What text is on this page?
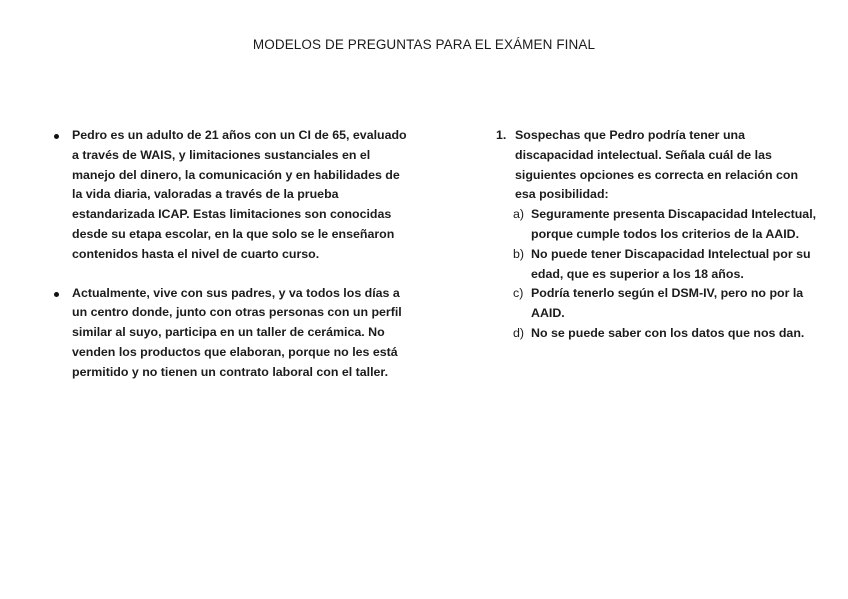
MODELOS DE PREGUNTAS PARA EL EXÁMEN FINAL
Pedro es un adulto de 21 años con un CI de 65, evaluado a través de WAIS, y limitaciones sustanciales en el manejo del dinero, la comunicación y en habilidades de la vida diaria, valoradas a través de la prueba estandarizada ICAP. Estas limitaciones son conocidas desde su etapa escolar, en la que solo se le enseñaron contenidos hasta el nivel de cuarto curso.
Actualmente, vive con sus padres, y va todos los días a un centro donde, junto con otras personas con un perfil similar al suyo, participa en un taller de cerámica. No venden los productos que elaboran, porque no les está permitido y no tienen un contrato laboral con el taller.
1. Sospechas que Pedro podría tener una discapacidad intelectual. Señala cuál de las siguientes opciones es correcta en relación con esa posibilidad:
a) Seguramente presenta Discapacidad Intelectual, porque cumple todos los criterios de la AAID.
b) No puede tener Discapacidad Intelectual por su edad, que es superior a los 18 años.
c) Podría tenerlo según el DSM-IV, pero no por la AAID.
d) No se puede saber con los datos que nos dan.
